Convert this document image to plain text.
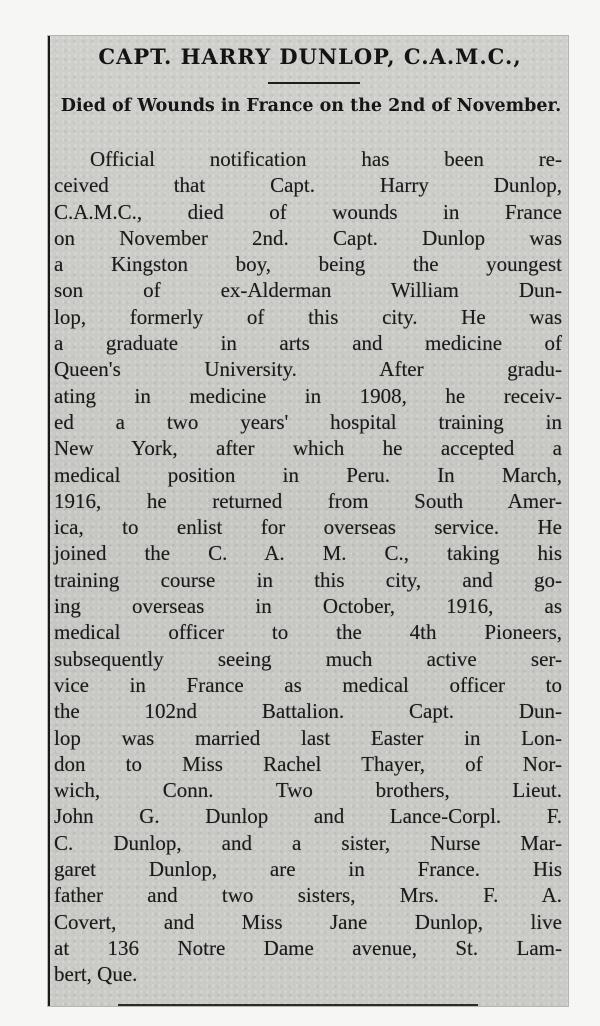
CAPT. HARRY DUNLOP, C.A.M.C.,
Died of Wounds in France on the 2nd of November.
Official notification has been re-
ceived that Capt. Harry Dunlop,
C.A.M.C., died of wounds in France
on November 2nd. Capt. Dunlop was
a Kingston boy, being the youngest
son of ex-Alderman William Dun-
lop, formerly of this city. He was
a graduate in arts and medicine of
Queen's University. After gradu-
ating in medicine in 1908, he receiv-
ed a two years' hospital training in
New York, after which he accepted a
medical position in Peru. In March,
1916, he returned from South Amer-
ica, to enlist for overseas service. He
joined the C. A. M. C., taking his
training course in this city, and go-
ing overseas in October, 1916, as
medical officer to the 4th Pioneers,
subsequently seeing much active ser-
vice in France as medical officer to
the 102nd Battalion. Capt. Dun-
lop was married last Easter in Lon-
don to Miss Rachel Thayer, of Nor-
wich, Conn. Two brothers, Lieut.
John G. Dunlop and Lance-Corpl. F.
C. Dunlop, and a sister, Nurse Mar-
garet Dunlop, are in France. His
father and two sisters, Mrs. F. A.
Covert, and Miss Jane Dunlop, live
at 136 Notre Dame avenue, St. Lam-
bert, Que.
